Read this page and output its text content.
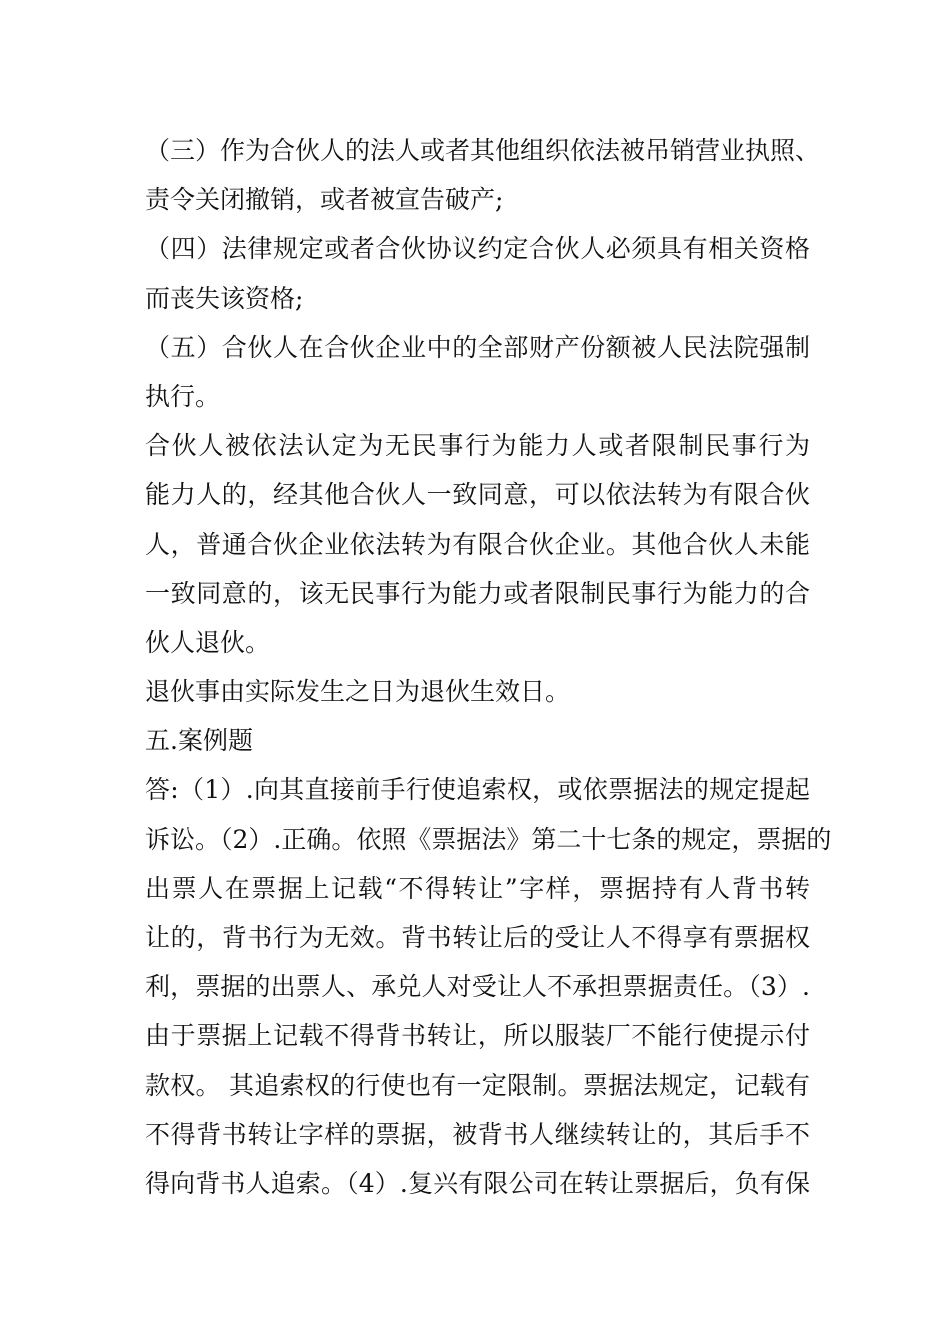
（三）作为合伙人的法人或者其他组织依法被吊销营业执照、
责令关闭撤销，或者被宣告破产;
（四）法律规定或者合伙协议约定合伙人必须具有相关资格
而丧失该资格;
（五）合伙人在合伙企业中的全部财产份额被人民法院强制
执行。
合伙人被依法认定为无民事行为能力人或者限制民事行为
能力人的，经其他合伙人一致同意，可以依法转为有限合伙
人，普通合伙企业依法转为有限合伙企业。其他合伙人未能
一致同意的，该无民事行为能力或者限制民事行为能力的合
伙人退伙。
退伙事由实际发生之日为退伙生效日。
五.案例题
答:（1）.向其直接前手行使追索权，或依票据法的规定提起
诉讼。（2）.正确。依照《票据法》第二十七条的规定，票据的
出票人在票据上记载“不得转让”字样，票据持有人背书转
让的，背书行为无效。背书转让后的受让人不得享有票据权
利，票据的出票人、承兑人对受让人不承担票据责任。（3）.
由于票据上记载不得背书转让，所以服装厂不能行使提示付
款权。 其追索权的行使也有一定限制。票据法规定，记载有
不得背书转让字样的票据，被背书人继续转让的，其后手不
得向背书人追索。（4）.复兴有限公司在转让票据后，负有保
